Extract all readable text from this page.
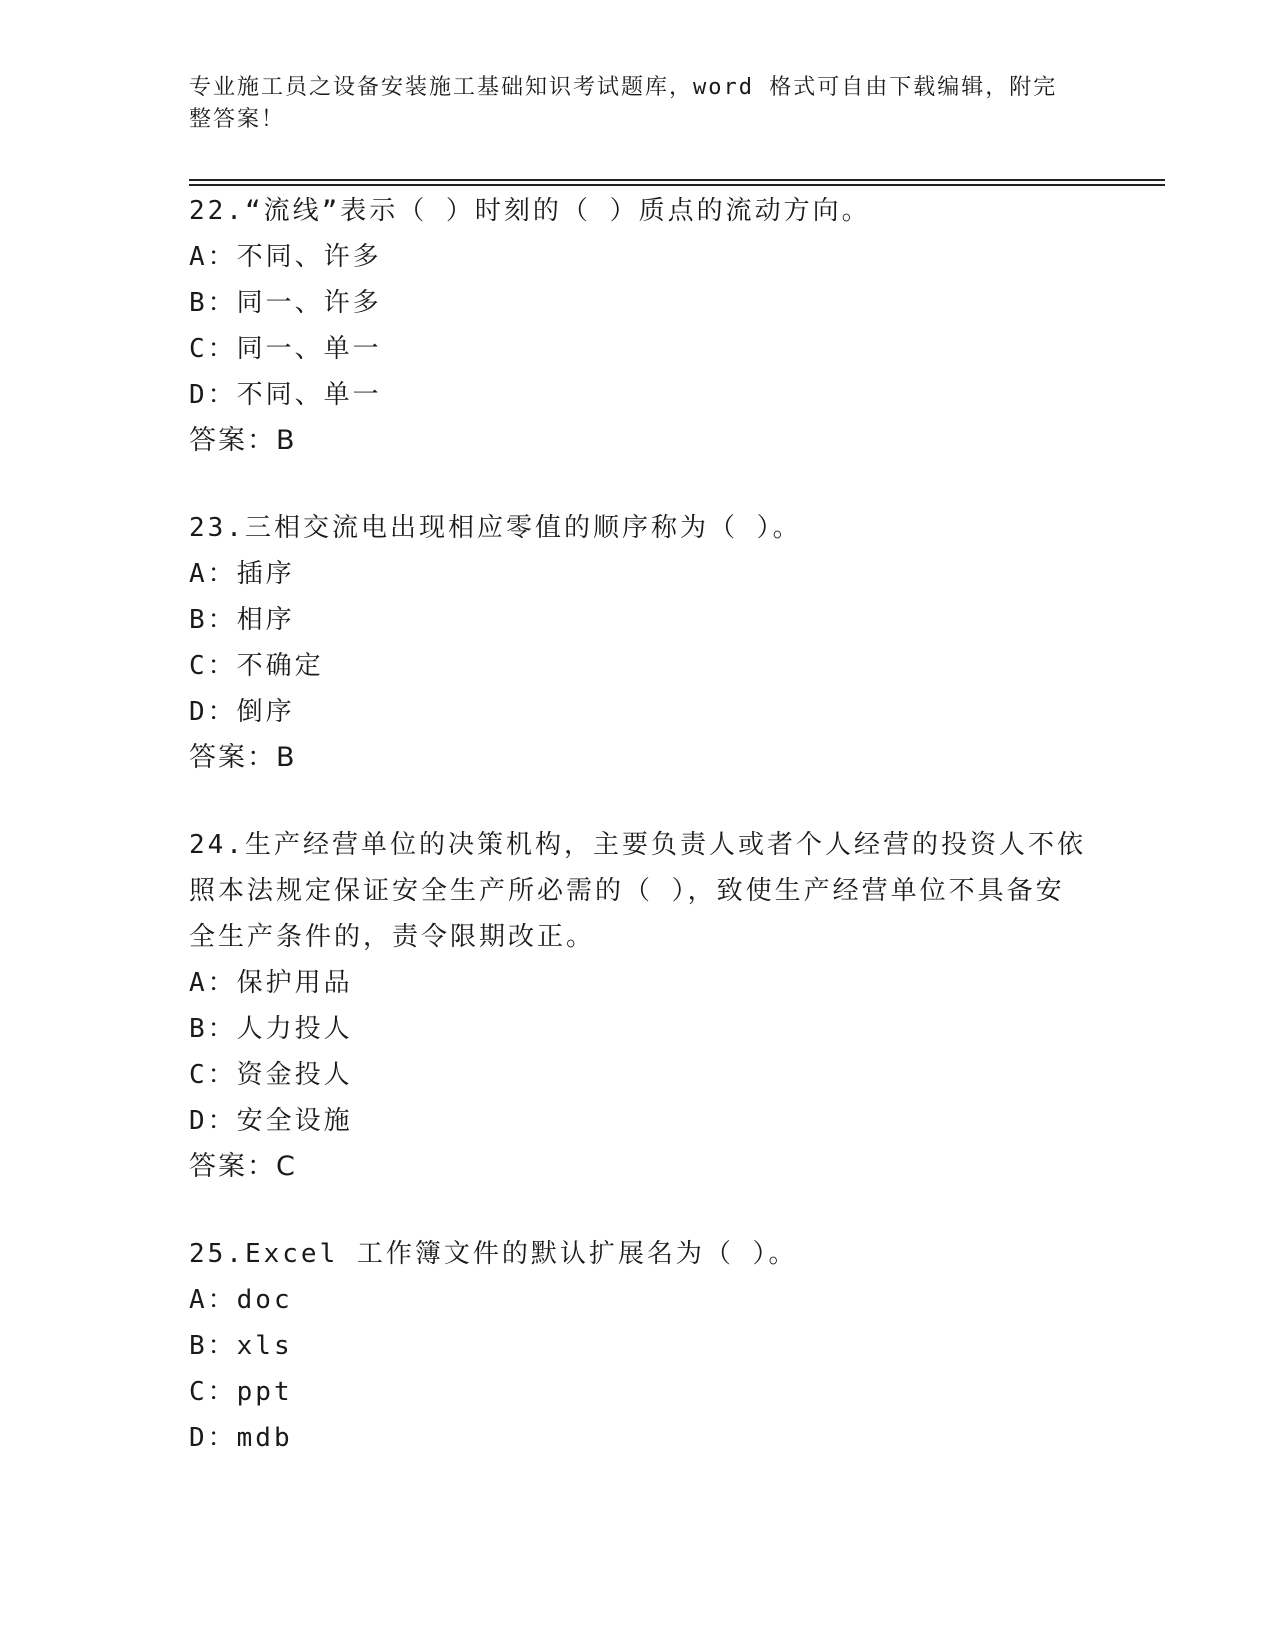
专业施工员之设备安装施工基础知识考试题库，word 格式可自由下载编辑，附完整答案！
22.“流线”表示（ ）时刻的（ ）质点的流动方向。
A：不同、许多
B：同一、许多
C：同一、单一
D：不同、单一
答案：B
23.三相交流电出现相应零值的顺序称为（ ）。
A：插序
B：相序
C：不确定
D：倒序
答案：B
24.生产经营单位的决策机构，主要负责人或者个人经营的投资人不依照本法规定保证安全生产所必需的（ ），致使生产经营单位不具备安全生产条件的，责令限期改正。
A：保护用品
B：人力投人
C：资金投人
D：安全设施
答案：C
25.Excel 工作簿文件的默认扩展名为（ ）。
A：doc
B：xls
C：ppt
D：mdb
